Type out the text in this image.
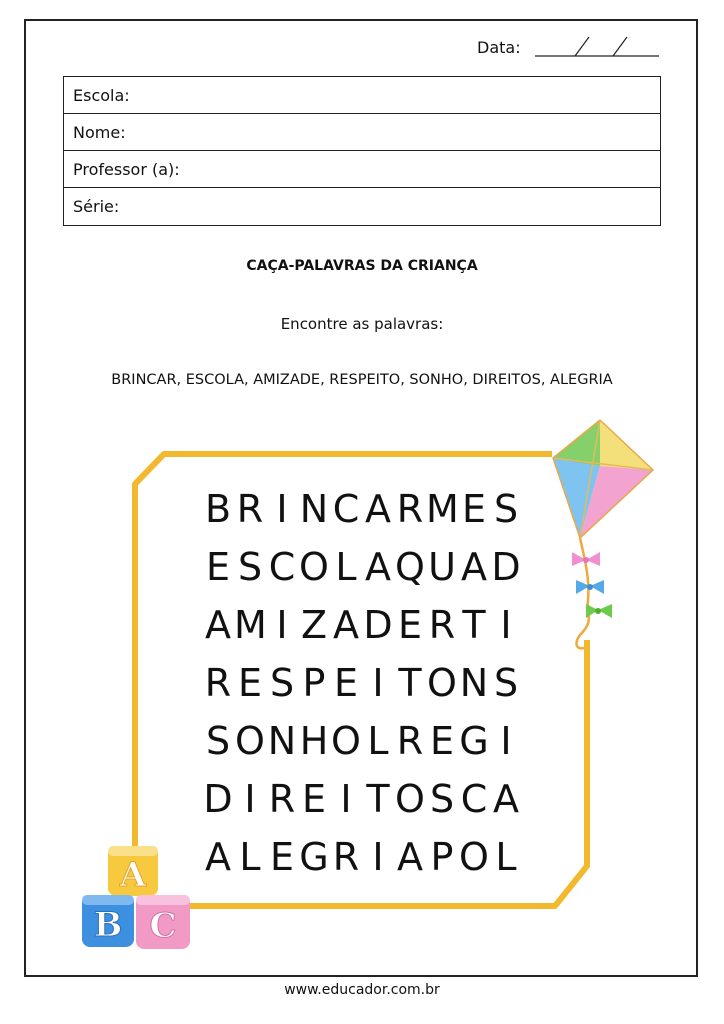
Data:
Escola:
Nome:
Professor (a):
Série:
CAÇA-PALAVRAS DA CRIANÇA
Encontre as palavras:
BRINCAR, ESCOLA, AMIZADE, RESPEITO, SONHO, DIREITOS, ALEGRIA
A
B C
B R I N C A R M E S
E S C O L A Q U A D
A M I Z A D E R T I
R E S P E I T O N S
S O N H O L R E G I
D I R E I T O S C A
A L E G R I A P O L
www.educador.com.br
